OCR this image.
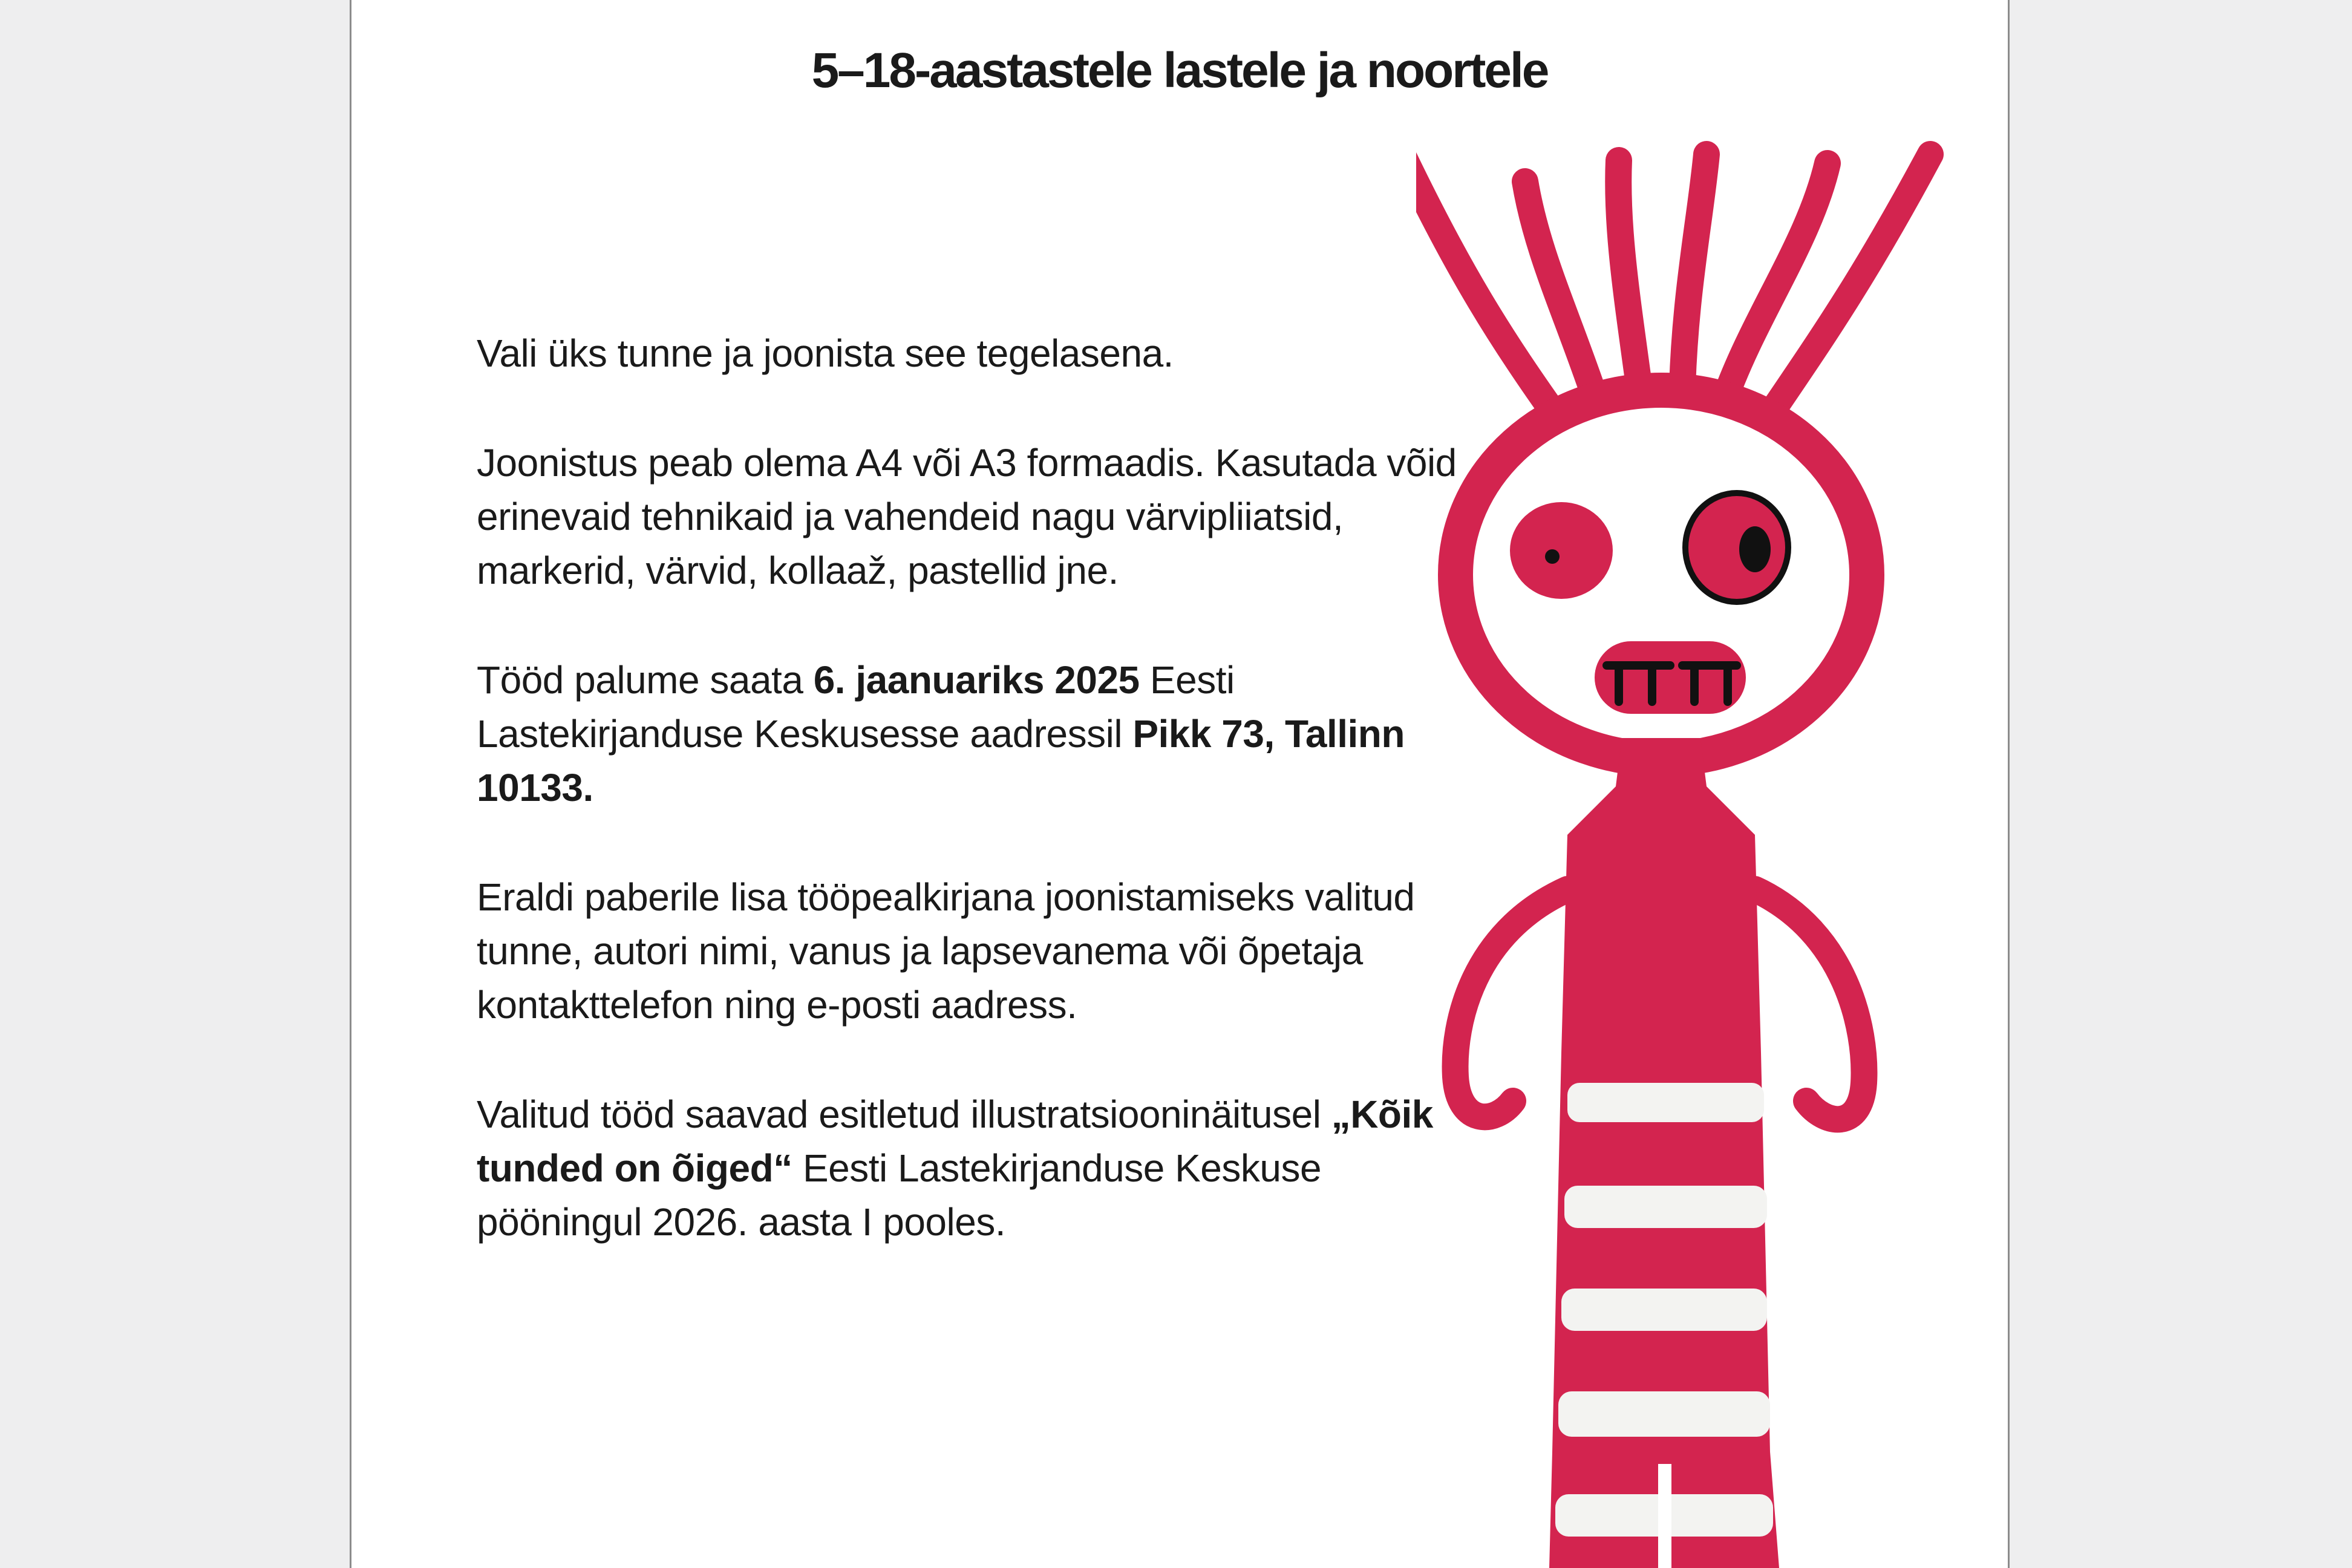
5–18-aastastele lastele ja noortele

Vali üks tunne ja joonista see tegelasena.

Joonistus peab olema A4 või A3 formaadis. Kasutada võid erinevaid tehnikaid ja vahendeid nagu värvipliiatsid, markerid, värvid, kollaaž, pastellid jne.

Tööd palume saata 6. jaanuariks 2025 Eesti Lastekirjanduse Keskusesse aadressil Pikk 73, Tallinn 10133.

Eraldi paberile lisa tööpealkirjana joonistamiseks valitud tunne, autori nimi, vanus ja lapsevanema või õpetaja kontakttelefon ning e-posti aadress.

Valitud tööd saavad esitletud illustratsiooninäitusel „Kõik tunded on õiged“ Eesti Lastekirjanduse Keskuse pööningul 2026. aasta I pooles.
